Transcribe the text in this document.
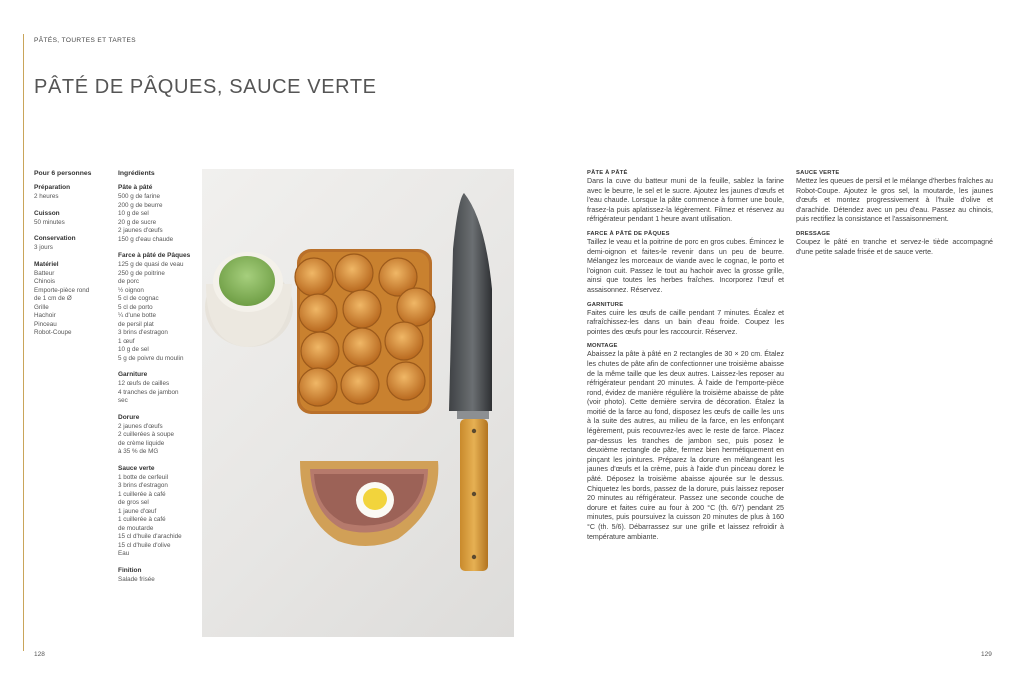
PÂTÉS, TOURTES ET TARTES
PÂTÉ DE PÂQUES, SAUCE VERTE
Pour 6 personnes
Préparation
2 heures
Cuisson
50 minutes
Conservation
3 jours
Matériel
Batteur
Chinois
Emporte-pièce rond
de 1 cm de Ø
Grille
Hachoir
Pinceau
Robot-Coupe
Ingrédients
Pâte à pâté
500 g de farine
200 g de beurre
10 g de sel
20 g de sucre
2 jaunes d'œufs
150 g d'eau chaude
Farce à pâté de Pâques
125 g de quasi de veau
250 g de poitrine
de porc
½ oignon
5 cl de cognac
5 cl de porto
¼ d'une botte
de persil plat
3 brins d'estragon
1 œuf
10 g de sel
5 g de poivre du moulin
Garniture
12 œufs de cailles
4 tranches de jambon
sec
Dorure
2 jaunes d'œufs
2 cuillerées à soupe
de crème liquide
à 35 % de MG
Sauce verte
1 botte de cerfeuil
3 brins d'estragon
1 cuillerée à café
de gros sel
1 jaune d'œuf
1 cuillerée à café
de moutarde
15 cl d'huile d'arachide
15 cl d'huile d'olive
Eau
Finition
Salade frisée
PÂTE À PÂTÉ

Dans la cuve du batteur muni de la feuille, sablez la farine avec le beurre, le sel et le sucre. Ajoutez les jaunes d'œufs et l'eau chaude. Lorsque la pâte commence à former une boule, frasez-la puis aplatissez-la légèrement. Filmez et réservez au réfrigérateur pendant 1 heure avant utilisation.

FARCE À PÂTÉ DE PÂQUES

Taillez le veau et la poitrine de porc en gros cubes. Émincez le demi-oignon et faites-le revenir dans un peu de beurre. Mélangez les morceaux de viande avec le cognac, le porto et l'oignon cuit. Passez le tout au hachoir avec la grosse grille, ainsi que toutes les herbes fraîches. Incorporez l'œuf et assaisonnez. Réservez.

GARNITURE

Faites cuire les œufs de caille pendant 7 minutes. Écalez et rafraîchissez-les dans un bain d'eau froide. Coupez les pointes des œufs pour les raccourcir. Réservez.

MONTAGE

Abaissez la pâte à pâté en 2 rectangles de 30 × 20 cm. Étalez les chutes de pâte afin de confectionner une troisième abaisse de la même taille que les deux autres. Laissez-les reposer au réfrigérateur pendant 20 minutes. À l'aide de l'emporte-pièce rond, évidez de manière régulière la troisième abaisse de pâte (voir photo). Cette dernière servira de décoration. Étalez la moitié de la farce au fond, disposez les œufs de caille les uns à la suite des autres, au milieu de la farce, en les enfonçant légèrement, puis recouvrez-les avec le reste de farce. Placez par-dessus les tranches de jambon sec, puis posez le deuxième rectangle de pâte, fermez bien hermétiquement en pinçant les jointures. Préparez la dorure en mélangeant les jaunes d'œufs et la crème, puis à l'aide d'un pinceau dorez le pâté. Déposez la troisième abaisse ajourée sur le dessus. Chiquetez les bords, passez de la dorure, puis laissez reposer 20 minutes au réfrigérateur. Passez une seconde couche de dorure et faites cuire au four à 200 °C (th. 6/7) pendant 25 minutes, puis poursuivez la cuisson 20 minutes de plus à 160 °C (th. 5/6). Débarrassez sur une grille et laissez refroidir à température ambiante.

SAUCE VERTE

Mettez les queues de persil et le mélange d'herbes fraîches au Robot-Coupe. Ajoutez le gros sel, la moutarde, les jaunes d'œufs et montez progressivement à l'huile d'olive et d'arachide. Détendez avec un peu d'eau. Passez au chinois, puis rectifiez la consistance et l'assaisonnement.

DRESSAGE

Coupez le pâté en tranche et servez-le tiède accompagné d'une petite salade frisée et de sauce verte.

128	129
